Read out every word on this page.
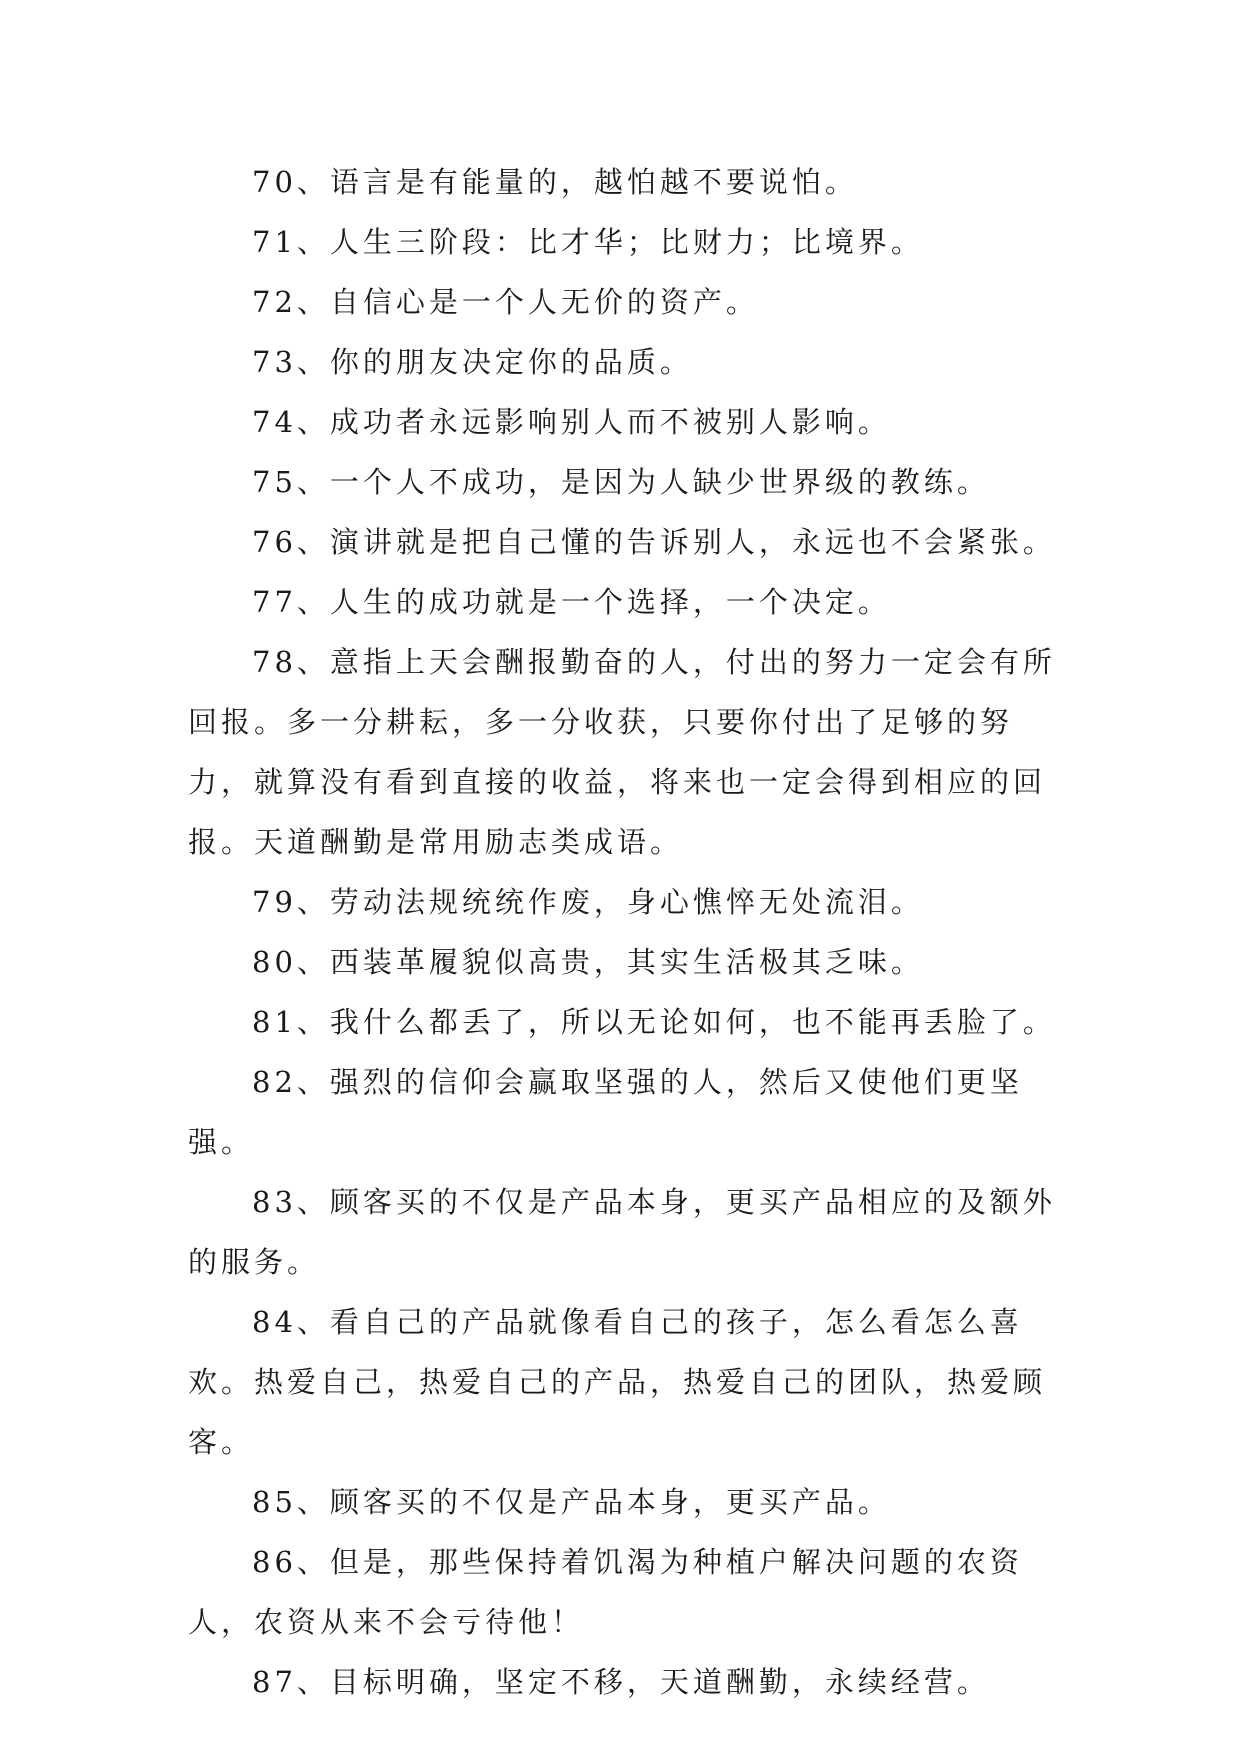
70、语言是有能量的，越怕越不要说怕。

71、人生三阶段：比才华；比财力；比境界。

72、自信心是一个人无价的资产。

73、你的朋友决定你的品质。

74、成功者永远影响别人而不被别人影响。

75、一个人不成功，是因为人缺少世界级的教练。

76、演讲就是把自己懂的告诉别人，永远也不会紧张。

77、人生的成功就是一个选择，一个决定。

78、意指上天会酬报勤奋的人，付出的努力一定会有所回报。多一分耕耘，多一分收获，只要你付出了足够的努力，就算没有看到直接的收益，将来也一定会得到相应的回报。天道酬勤是常用励志类成语。

79、劳动法规统统作废，身心憔悴无处流泪。

80、西装革履貌似高贵，其实生活极其乏味。

81、我什么都丢了，所以无论如何，也不能再丢脸了。

82、强烈的信仰会赢取坚强的人，然后又使他们更坚强。

83、顾客买的不仅是产品本身，更买产品相应的及额外的服务。

84、看自己的产品就像看自己的孩子，怎么看怎么喜欢。热爱自己，热爱自己的产品，热爱自己的团队，热爱顾客。

85、顾客买的不仅是产品本身，更买产品。

86、但是，那些保持着饥渴为种植户解决问题的农资人，农资从来不会亏待他！

87、目标明确，坚定不移，天道酬勤，永续经营。
